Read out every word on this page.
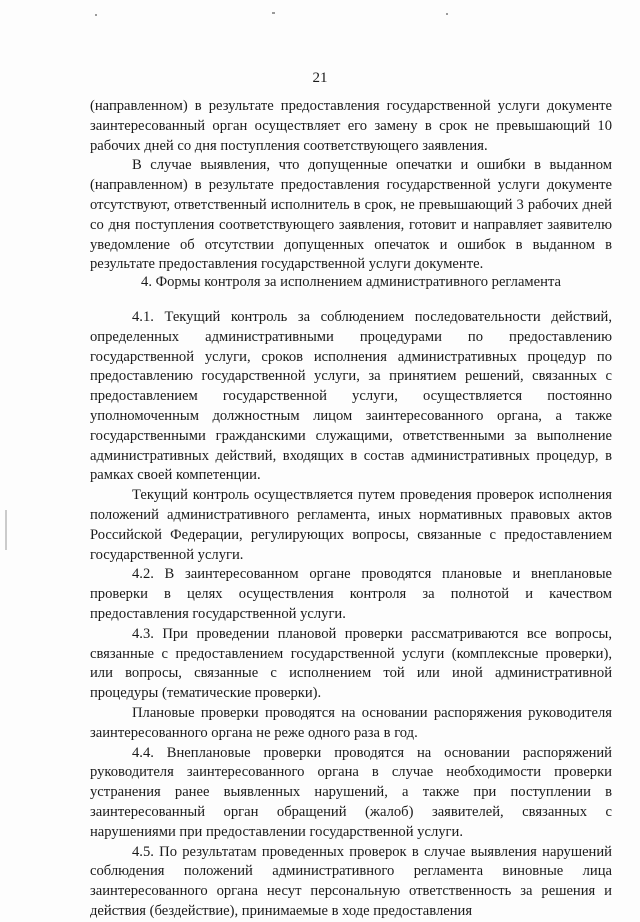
21

(направленном) в результате предоставления государственной услуги документе заинтересованный орган осуществляет его замену в срок не превышающий 10 рабочих дней со дня поступления соответствующего заявления.

В случае выявления, что допущенные опечатки и ошибки в выданном (направленном) в результате предоставления государственной услуги документе отсутствуют, ответственный исполнитель в срок, не превышающий 3 рабочих дней со дня поступления соответствующего заявления, готовит и направляет заявителю уведомление об отсутствии допущенных опечаток и ошибок в выданном в результате предоставления государственной услуги документе.

4. Формы контроля за исполнением административного регламента

4.1. Текущий контроль за соблюдением последовательности действий, определенных административными процедурами по предоставлению государственной услуги, сроков исполнения административных процедур по предоставлению государственной услуги, за принятием решений, связанных с предоставлением государственной услуги, осуществляется постоянно уполномоченным должностным лицом заинтересованного органа, а также государственными гражданскими служащими, ответственными за выполнение административных действий, входящих в состав административных процедур, в рамках своей компетенции.

Текущий контроль осуществляется путем проведения проверок исполнения положений административного регламента, иных нормативных правовых актов Российской Федерации, регулирующих вопросы, связанные с предоставлением государственной услуги.

4.2. В заинтересованном органе проводятся плановые и внеплановые проверки в целях осуществления контроля за полнотой и качеством предоставления государственной услуги.

4.3. При проведении плановой проверки рассматриваются все вопросы, связанные с предоставлением государственной услуги (комплексные проверки), или вопросы, связанные с исполнением той или иной административной процедуры (тематические проверки).

Плановые проверки проводятся на основании распоряжения руководителя заинтересованного органа не реже одного раза в год.

4.4. Внеплановые проверки проводятся на основании распоряжений руководителя заинтересованного органа в случае необходимости проверки устранения ранее выявленных нарушений, а также при поступлении в заинтересованный орган обращений (жалоб) заявителей, связанных с нарушениями при предоставлении государственной услуги.

4.5. По результатам проведенных проверок в случае выявления нарушений соблюдения положений административного регламента виновные лица заинтересованного органа несут персональную ответственность за решения и действия (бездействие), принимаемые в ходе предоставления
